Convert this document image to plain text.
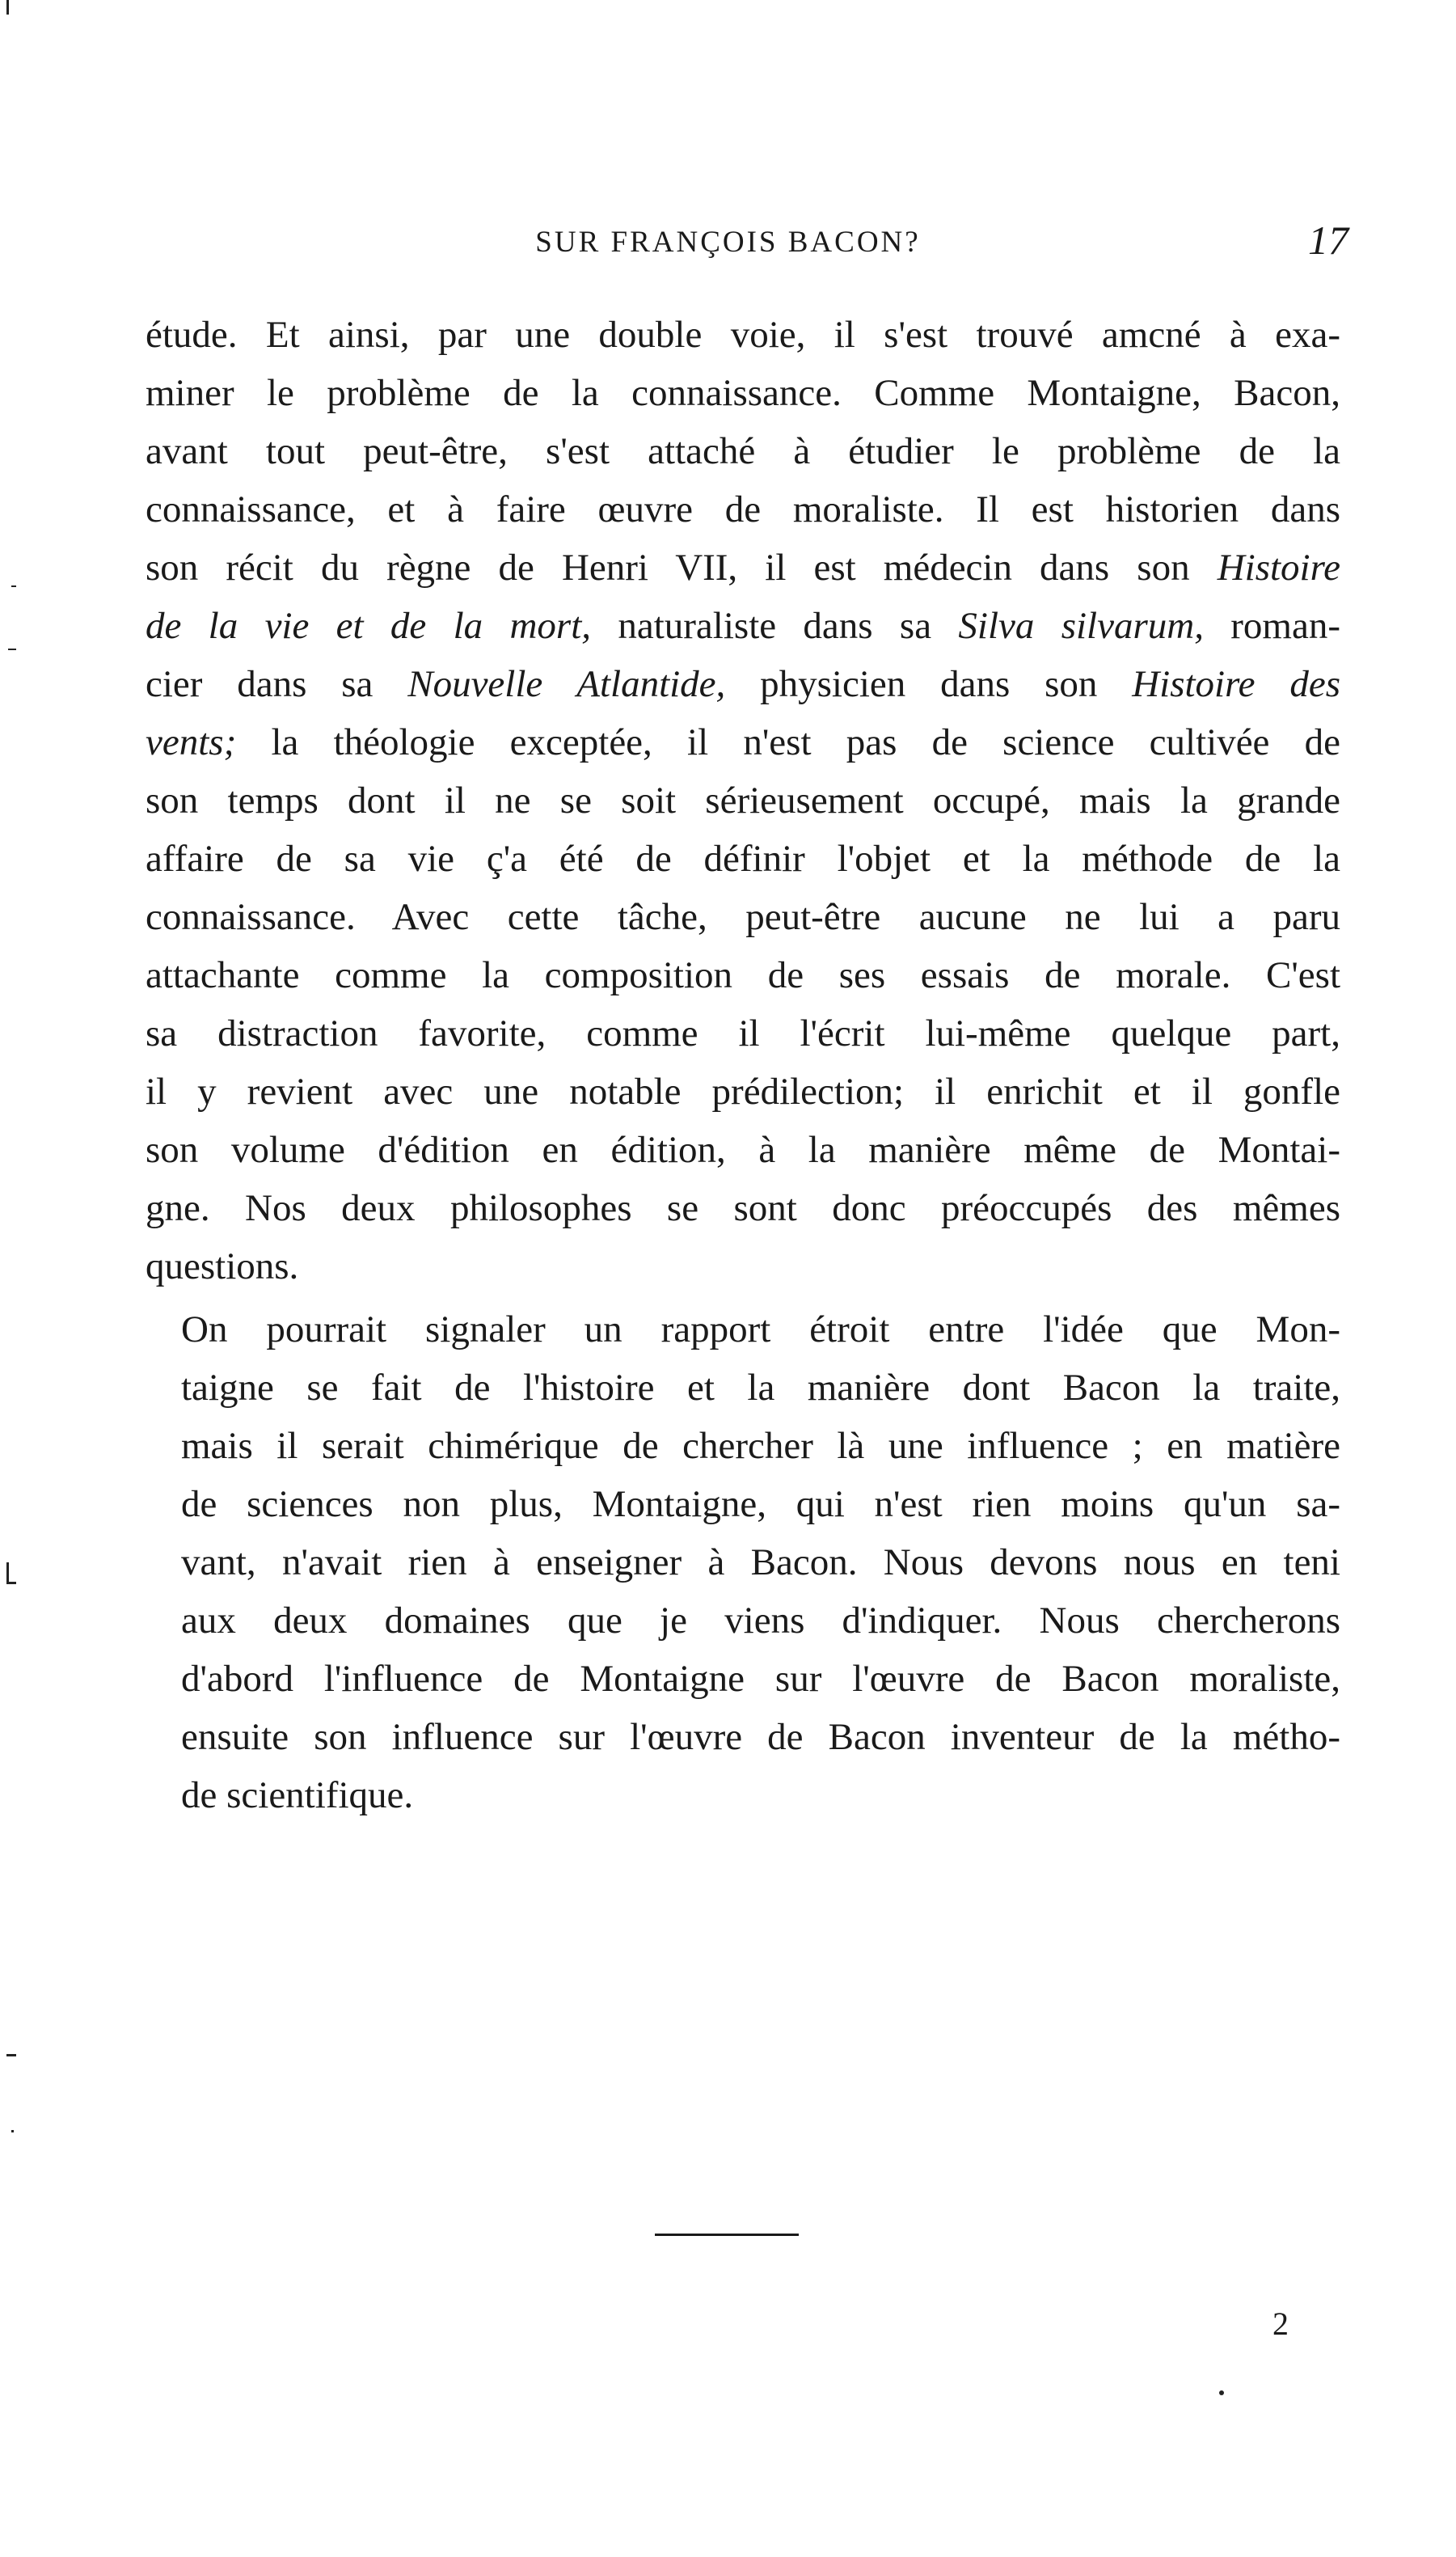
SUR FRANÇOIS BACON?	17

étude. Et ainsi, par une double voie, il s'est trouvé amcné à exa-
miner le problème de la connaissance. Comme Montaigne, Bacon,
avant tout peut-être, s'est attaché à étudier le problème de la
connaissance, et à faire œuvre de moraliste. Il est historien dans
son récit du règne de Henri VII, il est médecin dans son Histoire
de la vie et de la mort, naturaliste dans sa Silva silvarum, roman-
cier dans sa Nouvelle Atlantide, physicien dans son Histoire des
vents; la théologie exceptée, il n'est pas de science cultivée de
son temps dont il ne se soit sérieusement occupé, mais la grande
affaire de sa vie ç'a été de définir l'objet et la méthode de la
connaissance. Avec cette tâche, peut-être aucune ne lui a paru
attachante comme la composition de ses essais de morale. C'est
sa distraction favorite, comme il l'écrit lui-même quelque part,
il y revient avec une notable prédilection; il enrichit et il gonfle
son volume d'édition en édition, à la manière même de Montai-
gne. Nos deux philosophes se sont donc préoccupés des mêmes
questions.

On pourrait signaler un rapport étroit entre l'idée que Mon-
taigne se fait de l'histoire et la manière dont Bacon la traite,
mais il serait chimérique de chercher là une influence ; en matière
de sciences non plus, Montaigne, qui n'est rien moins qu'un sa-
vant, n'avait rien à enseigner à Bacon. Nous devons nous en teni
aux deux domaines que je viens d'indiquer. Nous chercherons
d'abord l'influence de Montaigne sur l'œuvre de Bacon moraliste,
ensuite son influence sur l'œuvre de Bacon inventeur de la métho-
de scientifique.

2
